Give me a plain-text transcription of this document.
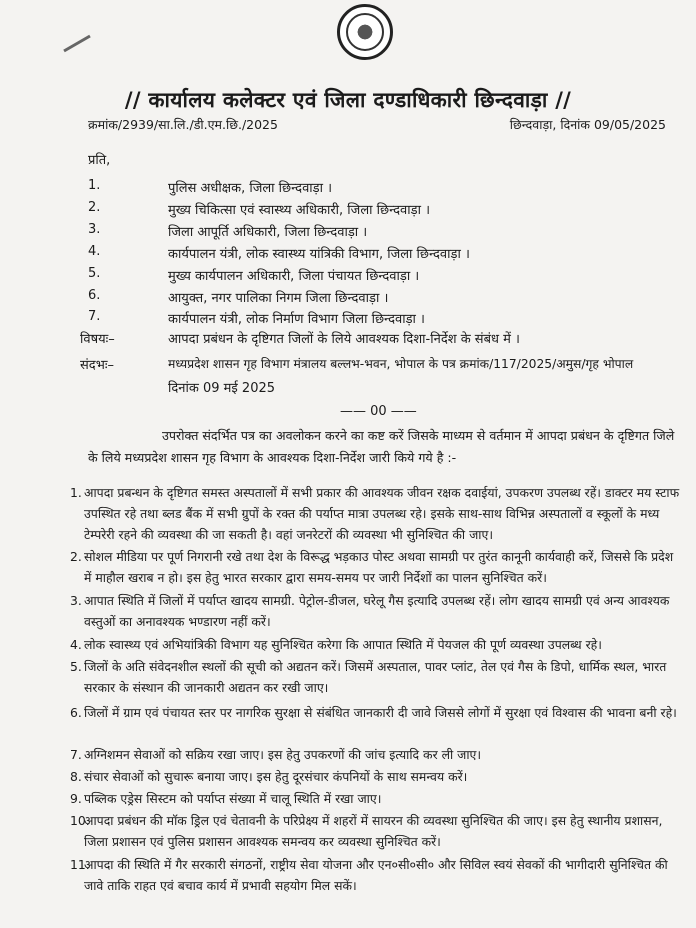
// कार्यालय कलेक्टर एवं जिला दण्डाधिकारी छिन्दवाड़ा //
क्रमांक/2939/सा.लि./डी.एम.छि./2025	छिन्दवाड़ा, दिनांक 09/05/2025
प्रति,
1.	पुलिस अधीक्षक, जिला छिन्दवाड़ा ।
2.	मुख्य चिकित्सा एवं स्वास्थ्य अधिकारी, जिला छिन्दवाड़ा ।
3.	जिला आपूर्ति अधिकारी, जिला छिन्दवाड़ा ।
4.	कार्यपालन यंत्री, लोक स्वास्थ्य यांत्रिकी विभाग, जिला छिन्दवाड़ा ।
5.	मुख्य कार्यपालन अधिकारी, जिला पंचायत छिन्दवाड़ा ।
6.	आयुक्त, नगर पालिका निगम जिला छिन्दवाड़ा ।
7.	कार्यपालन यंत्री, लोक निर्माण विभाग जिला छिन्दवाड़ा ।
विषयः–	आपदा प्रबंधन के दृष्टिगत जिलों के लिये आवश्यक दिशा-निर्देश के संबंध में ।
संदभः–	मध्यप्रदेश शासन गृह विभाग मंत्रालय बल्लभ-भवन, भोपाल के पत्र क्रमांक/117/2025/अमुस/गृह भोपाल
दिनांक 09 मई 2025
—— 00 ——
उपरोक्त संदर्भित पत्र का अवलोकन करने का कष्ट करें जिसके माध्यम से वर्तमान में आपदा प्रबंधन के दृष्टिगत जिले के लिये मध्यप्रदेश शासन गृह विभाग के आवश्यक दिशा-निर्देश जारी किये गये है :-
1. आपदा प्रबन्धन के दृष्टिगत समस्त अस्पतालों में सभी प्रकार की आवश्यक जीवन रक्षक दवाईयां, उपकरण उपलब्ध रहें। डाक्टर मय स्टाफ उपस्थित रहे तथा ब्लड बैंक में सभी ग्रुपों के रक्त की पर्याप्त मात्रा उपलब्ध रहे। इसके साथ-साथ विभिन्न अस्पतालों व स्कूलों के मध्य टेम्परेरी रहने की व्यवस्था की जा सकती है। वहां जनरेटरों की व्यवस्था भी सुनिश्चित की जाए।
2. सोशल मीडिया पर पूर्ण निगरानी रखे तथा देश के विरूद्ध भड़काउ पोस्ट अथवा सामग्री पर तुरंत कानूनी कार्यवाही करें, जिससे कि प्रदेश में माहौल खराब न हो। इस हेतु भारत सरकार द्वारा समय-समय पर जारी निर्देशों का पालन सुनिश्चित करें।
3. आपात स्थिति में जिलों में पर्याप्त खादय सामग्री. पेट्रोल-डीजल, घरेलू गैस इत्यादि उपलब्ध रहें। लोग खादय सामग्री एवं अन्य आवश्यक वस्तुओं का अनावश्यक भण्डारण नहीं करें।
4. लोक स्वास्थ्य एवं अभियांत्रिकी विभाग यह सुनिश्चित करेगा कि आपात स्थिति में पेयजल की पूर्ण व्यवस्था उपलब्ध रहे।
5. जिलों के अति संवेदनशील स्थलों की सूची को अद्यतन करें। जिसमें अस्पताल, पावर प्लांट, तेल एवं गैस के डिपो, धार्मिक स्थल, भारत सरकार के संस्थान की जानकारी अद्यतन कर रखी जाए।
6. जिलों में ग्राम एवं पंचायत स्तर पर नागरिक सुरक्षा से संबंधित जानकारी दी जावे जिससे लोगों में सुरक्षा एवं विश्वास की भावना बनी रहे।
7. अग्निशमन सेवाओं को सक्रिय रखा जाए। इस हेतु उपकरणों की जांच इत्यादि कर ली जाए।
8. संचार सेवाओं को सुचारू बनाया जाए। इस हेतु दूरसंचार कंपनियों के साथ समन्वय करें।
9. पब्लिक एड्रेस सिस्टम को पर्याप्त संख्या में चालू स्थिति में रखा जाए।
10.
आपदा प्रबंधन की मॉक ड्रिल एवं चेतावनी के परिप्रेक्ष्य में शहरों में सायरन की व्यवस्था सुनिश्चित की जाए। इस हेतु स्थानीय प्रशासन, जिला प्रशासन एवं पुलिस प्रशासन आवश्यक समन्वय कर व्यवस्था सुनिश्चित करें।
11.
आपदा की स्थिति में गैर सरकारी संगठनों, राष्ट्रीय सेवा योजना और एन०सी०सी० और सिविल स्वयं सेवकों की भागीदारी सुनिश्चित की जावे ताकि राहत एवं बचाव कार्य में प्रभावी सहयोग मिल सकें।
